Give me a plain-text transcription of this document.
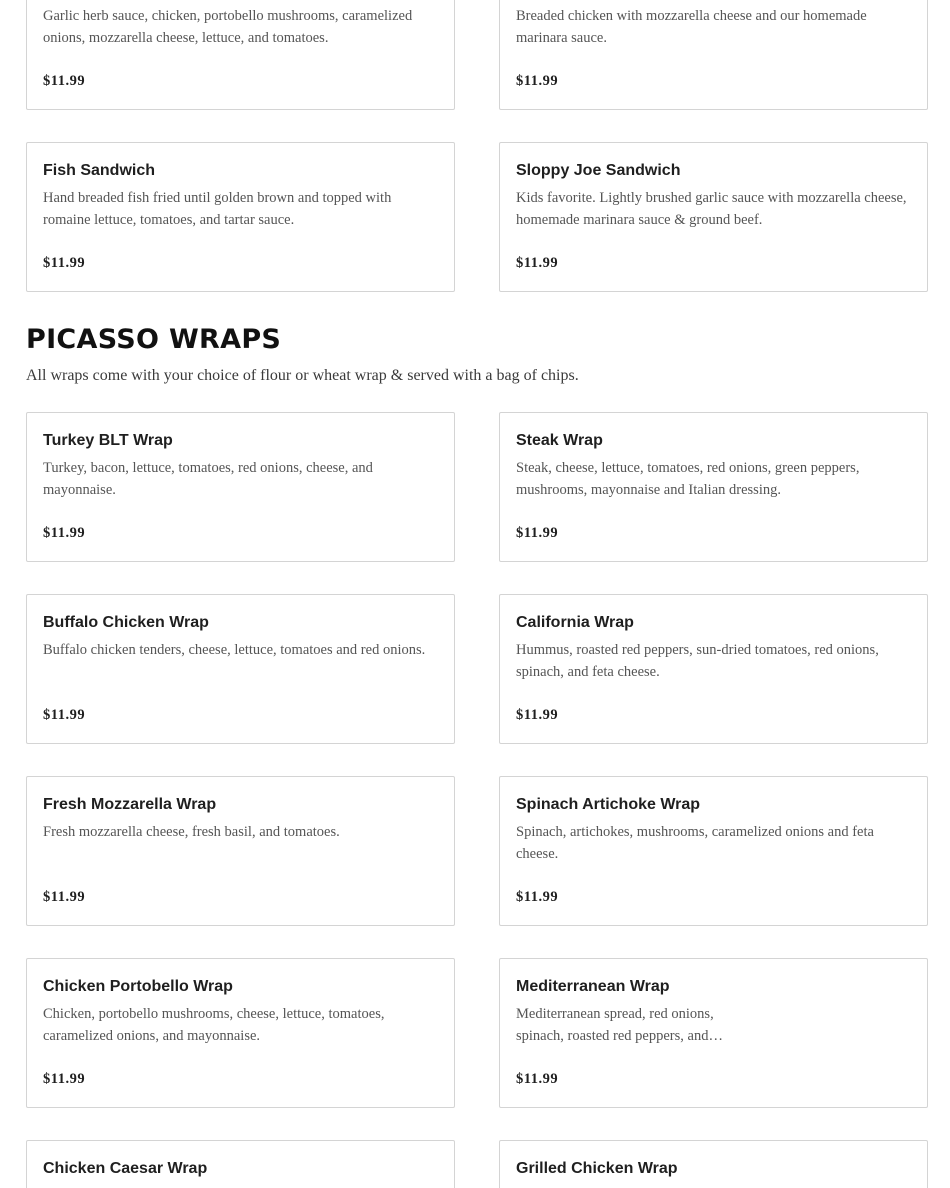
Garlic herb sauce, chicken, portobello mushrooms, caramelized onions, mozzarella cheese, lettuce, and tomatoes.
$11.99
Breaded chicken with mozzarella cheese and our homemade marinara sauce.
$11.99
Fish Sandwich
Hand breaded fish fried until golden brown and topped with romaine lettuce, tomatoes, and tartar sauce.
$11.99
Sloppy Joe Sandwich
Kids favorite. Lightly brushed garlic sauce with mozzarella cheese, homemade marinara sauce & ground beef.
$11.99
PICASSO WRAPS
All wraps come with your choice of flour or wheat wrap & served with a bag of chips.
Turkey BLT Wrap
Turkey, bacon, lettuce, tomatoes, red onions, cheese, and mayonnaise.
$11.99
Steak Wrap
Steak, cheese, lettuce, tomatoes, red onions, green peppers, mushrooms, mayonnaise and Italian dressing.
$11.99
Buffalo Chicken Wrap
Buffalo chicken tenders, cheese, lettuce, tomatoes and red onions.
$11.99
California Wrap
Hummus, roasted red peppers, sun-dried tomatoes, red onions, spinach, and feta cheese.
$11.99
Fresh Mozzarella Wrap
Fresh mozzarella cheese, fresh basil, and tomatoes.
$11.99
Spinach Artichoke Wrap
Spinach, artichokes, mushrooms, caramelized onions and feta cheese.
$11.99
Chicken Portobello Wrap
Chicken, portobello mushrooms, cheese, lettuce, tomatoes, caramelized onions, and mayonnaise.
$11.99
Mediterranean Wrap
Mediterranean spread, red onions, spinach, roasted red peppers, and…
$11.99
Chicken Caesar Wrap	Grilled Chicken Wrap
